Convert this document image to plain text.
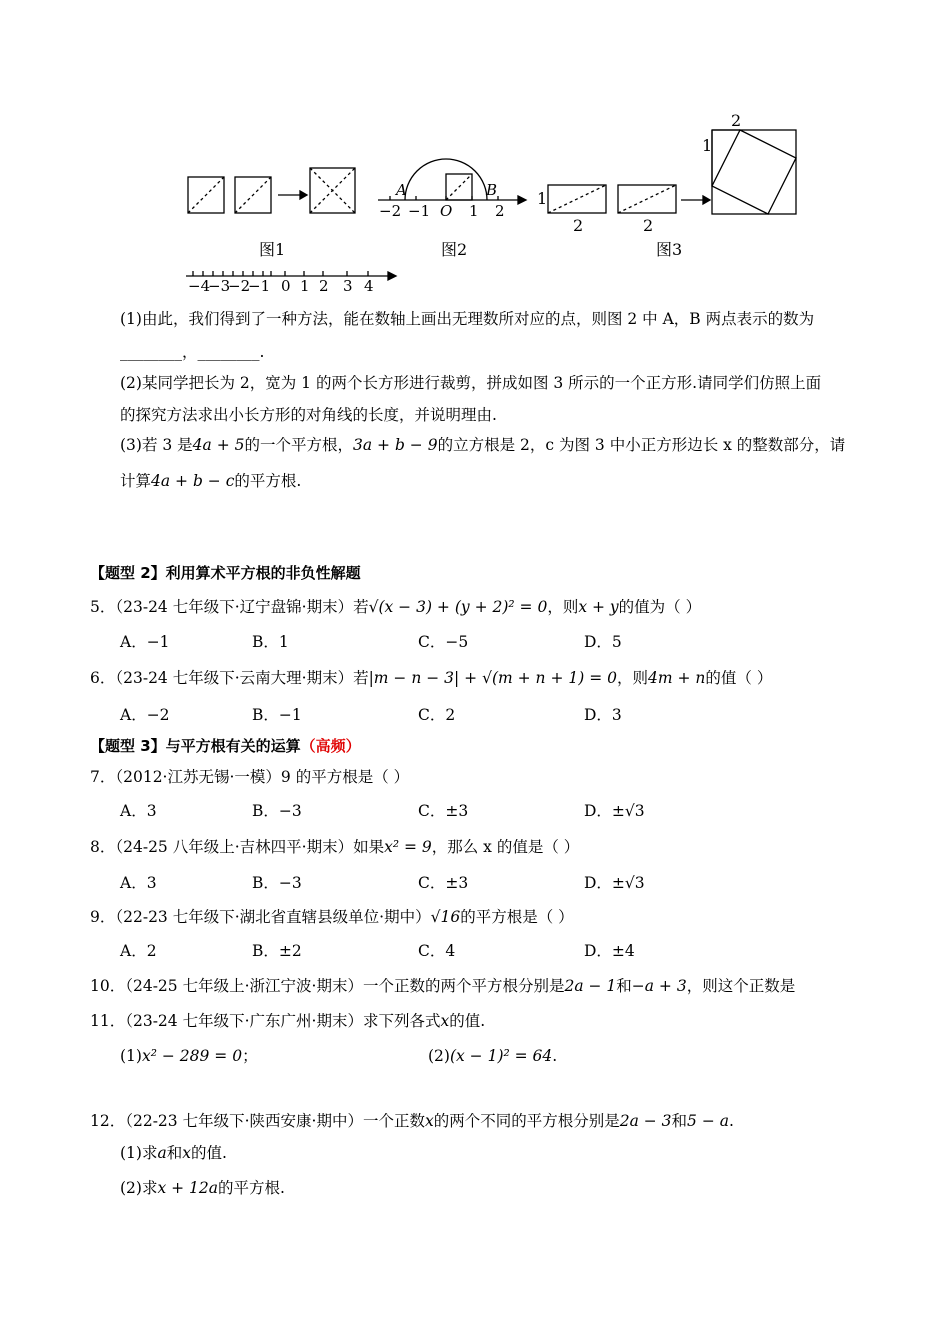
图1	图2	图3
A	B
−2 −1 O 1 2
2
1
1
2	2
−4
−3
−2
−1 0 1 2 3 4
(1)由此，我们得到了一种方法，能在数轴上画出无理数所对应的点，则图 2 中 A，B 两点表示的数为
________，________.
(2)某同学把长为 2，宽为 1 的两个长方形进行裁剪，拼成如图 3 所示的一个正方形.请同学们仿照上面
的探究方法求出小长方形的对角线的长度，并说明理由.
(3)若 3 是4a + 5的一个平方根，3a + b − 9的立方根是 2，c 为图 3 中小正方形边长 x 的整数部分，请
计算4a + b − c的平方根.
【题型 2】利用算术平方根的非负性解题
5．（23-24 七年级下·辽宁盘锦·期末）若√(x − 3) + (y + 2)² = 0，则x + y的值为（ ）
A．−1	B．1	C．−5	D．5
6．（23-24 七年级下·云南大理·期末）若|m − n − 3| + √(m + n + 1) = 0，则4m + n的值（ ）
A．−2	B．−1	C．2	D．3
【题型 3】与平方根有关的运算（高频）
7．（2012·江苏无锡·一模）9 的平方根是（ ）
A．3	B．−3	C．±3	D．±√3
8．（24-25 八年级上·吉林四平·期末）如果x² = 9，那么 x 的值是（ ）
A．3	B．−3	C．±3	D．±√3
9．（22-23 七年级下·湖北省直辖县级单位·期中）√16的平方根是（ ）
A．2	B．±2	C．4	D．±4
10．（24-25 七年级上·浙江宁波·期末）一个正数的两个平方根分别是2a − 1和−a + 3，则这个正数是
11．（23-24 七年级下·广东广州·期末）求下列各式x的值.
(1)x² − 289 = 0；	(2)(x − 1)² = 64.
12．（22-23 七年级下·陕西安康·期中）一个正数x的两个不同的平方根分别是2a − 3和5 − a.
(1)求a和x的值.
(2)求x + 12a的平方根.
